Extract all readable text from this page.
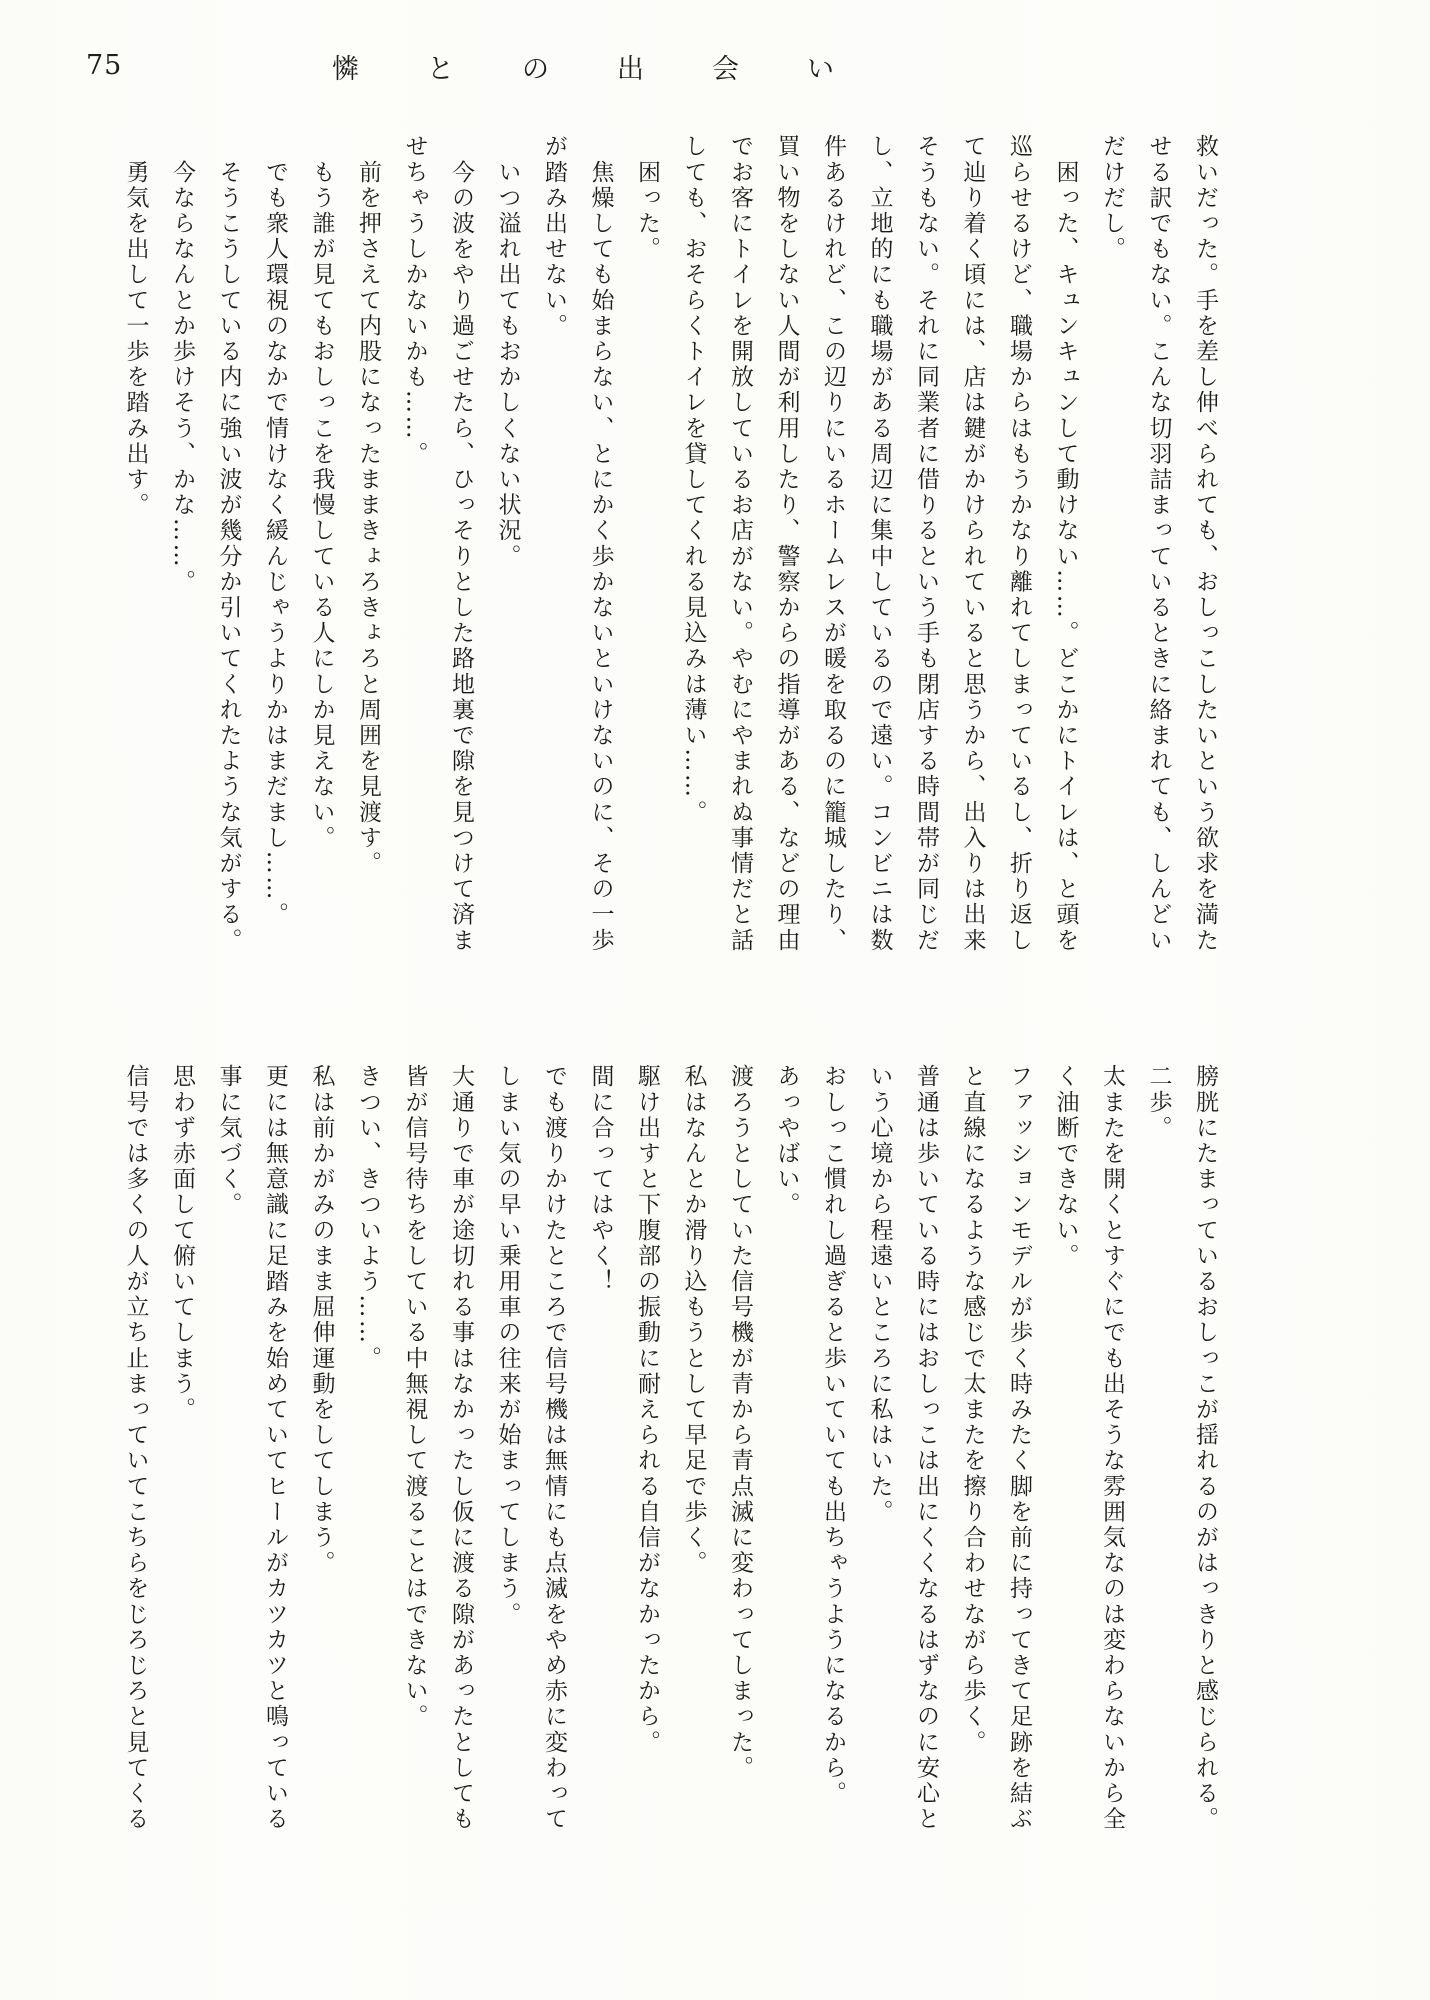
75	憐との出会い
救いだった。手を差し伸べられても、おしっこしたいという欲求を満た
せる訳でもない。こんな切羽詰まっているときに絡まれても、しんどい
だけだし。
　困った、キュンキュンして動けない……。どこかにトイレは、と頭を
巡らせるけど、職場からはもうかなり離れてしまっているし、折り返し
て辿り着く頃には、店は鍵がかけられていると思うから、出入りは出来
そうもない。それに同業者に借りるという手も閉店する時間帯が同じだ
し、立地的にも職場がある周辺に集中しているので遠い。コンビニは数
件あるけれど、この辺りにいるホームレスが暖を取るのに籠城したり、
買い物をしない人間が利用したり、警察からの指導がある、などの理由
でお客にトイレを開放しているお店がない。やむにやまれぬ事情だと話
しても、おそらくトイレを貸してくれる見込みは薄い……。
　困った。
　焦燥しても始まらない、とにかく歩かないといけないのに、その一歩
が踏み出せない。
　いつ溢れ出てもおかしくない状況。
　今の波をやり過ごせたら、ひっそりとした路地裏で隙を見つけて済ま
せちゃうしかないかも……。
　前を押さえて内股になったままきょろきょろと周囲を見渡す。
　もう誰が見てもおしっこを我慢している人にしか見えない。
　でも衆人環視のなかで情けなく緩んじゃうよりかはまだまし……。
　そうこうしている内に強い波が幾分か引いてくれたような気がする。
　今ならなんとか歩けそう、かな……。
　勇気を出して一歩を踏み出す。
膀胱にたまっているおしっこが揺れるのがはっきりと感じられる。
二歩。
太またを開くとすぐにでも出そうな雰囲気なのは変わらないから全
く油断できない。
ファッションモデルが歩く時みたく脚を前に持ってきて足跡を結ぶ
と直線になるような感じで太またを擦り合わせながら歩く。
普通は歩いている時にはおしっこは出にくくなるはずなのに安心と
いう心境から程遠いところに私はいた。
おしっこ慣れし過ぎると歩いていても出ちゃうようになるから。
あっやばい。
渡ろうとしていた信号機が青から青点滅に変わってしまった。
私はなんとか滑り込もうとして早足で歩く。
駆け出すと下腹部の振動に耐えられる自信がなかったから。
間に合ってはやく！
でも渡りかけたところで信号機は無情にも点滅をやめ赤に変わって
しまい気の早い乗用車の往来が始まってしまう。
大通りで車が途切れる事はなかったし仮に渡る隙があったとしても
皆が信号待ちをしている中無視して渡ることはできない。
きつい、きついよう……。
私は前かがみのまま屈伸運動をしてしまう。
更には無意識に足踏みを始めていてヒールがカツカツと鳴っている
事に気づく。
思わず赤面して俯いてしまう。
信号では多くの人が立ち止まっていてこちらをじろじろと見てくる
